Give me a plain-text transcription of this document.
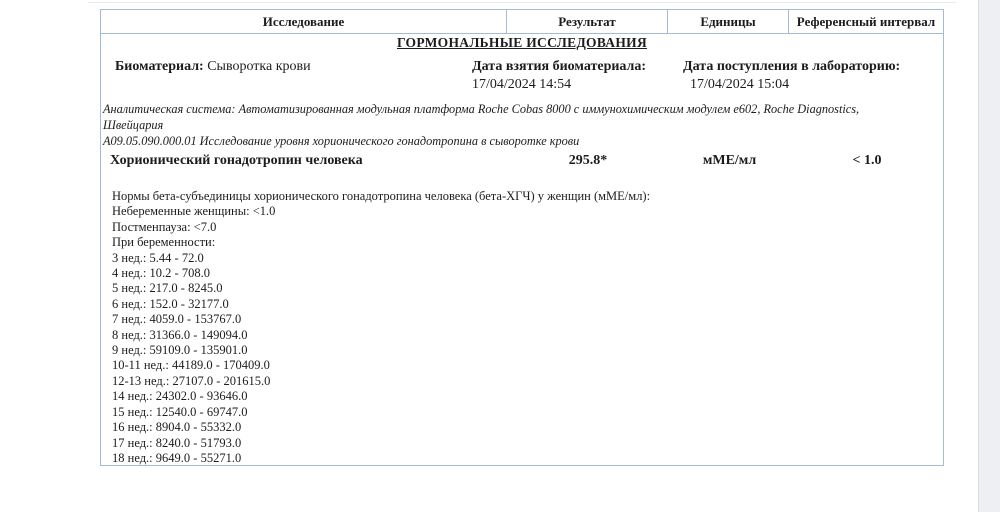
Исследование	Результат	Единицы	Референсный интервал
ГОРМОНАЛЬНЫЕ ИССЛЕДОВАНИЯ
Биоматериал: Сыворотка крови	Дата взятия биоматериала:	Дата поступления в лабораторию:
17/04/2024 14:54	17/04/2024 15:04
Аналитическая система: Автоматизированная модульная платформа Roche Cobas 8000 с иммунохимическим модулем e602, Roche Diagnostics,
Швейцария
A09.05.090.000.01 Исследование уровня хорионического гонадотропина в сыворотке крови
Хорионический гонадотропин человека	295.8*	мМЕ/мл	< 1.0
Нормы бета-субъединицы хорионического гонадотропина человека (бета-ХГЧ) у женщин (мМЕ/мл):
Небеременные женщины: <1.0
Постменпауза: <7.0
При беременности:
3 нед.: 5.44 - 72.0
4 нед.: 10.2 - 708.0
5 нед.: 217.0 - 8245.0
6 нед.: 152.0 - 32177.0
7 нед.: 4059.0 - 153767.0
8 нед.: 31366.0 - 149094.0
9 нед.: 59109.0 - 135901.0
10-11 нед.: 44189.0 - 170409.0
12-13 нед.: 27107.0 - 201615.0
14 нед.: 24302.0 - 93646.0
15 нед.: 12540.0 - 69747.0
16 нед.: 8904.0 - 55332.0
17 нед.: 8240.0 - 51793.0
18 нед.: 9649.0 - 55271.0
